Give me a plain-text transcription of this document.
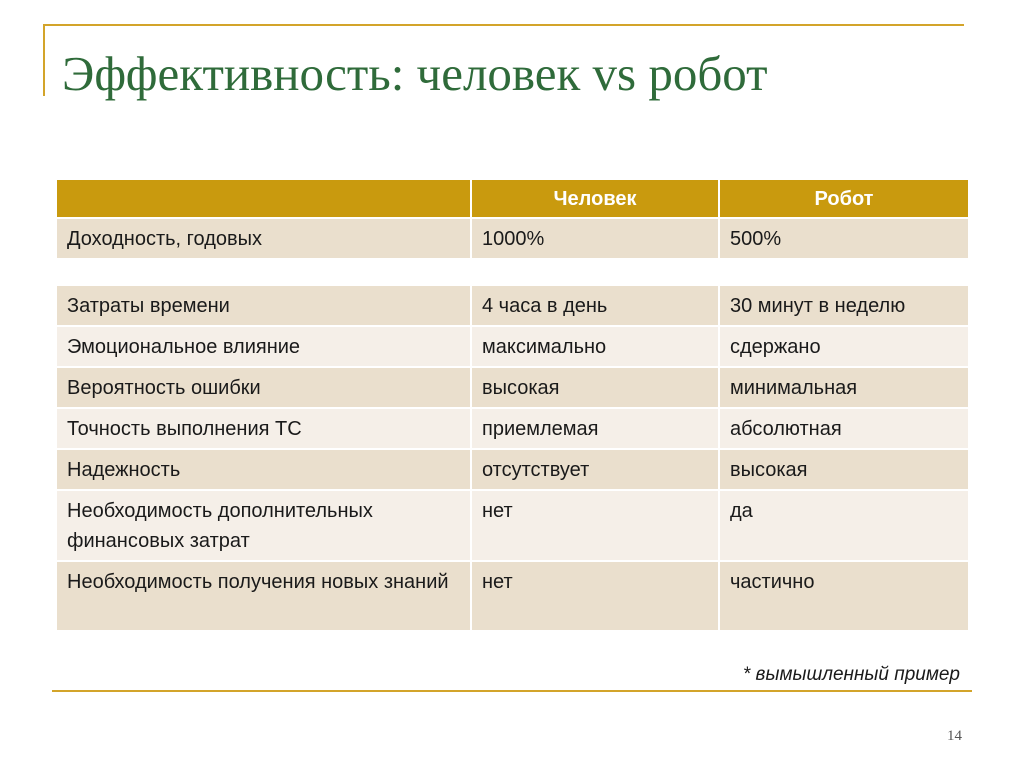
Эффективность: человек vs робот
	Человек	Робот
Доходность, годовых	1000%	500%

Затраты времени	4 часа в день	30 минут в неделю
Эмоциональное влияние	максимально	сдержано
Вероятность ошибки	высокая	минимальная
Точность выполнения ТС	приемлемая	абсолютная
Надежность	отсутствует	высокая
Необходимость дополнительных финансовых затрат	нет	да
Необходимость получения новых знаний	нет	частично
* вымышленный пример
14
